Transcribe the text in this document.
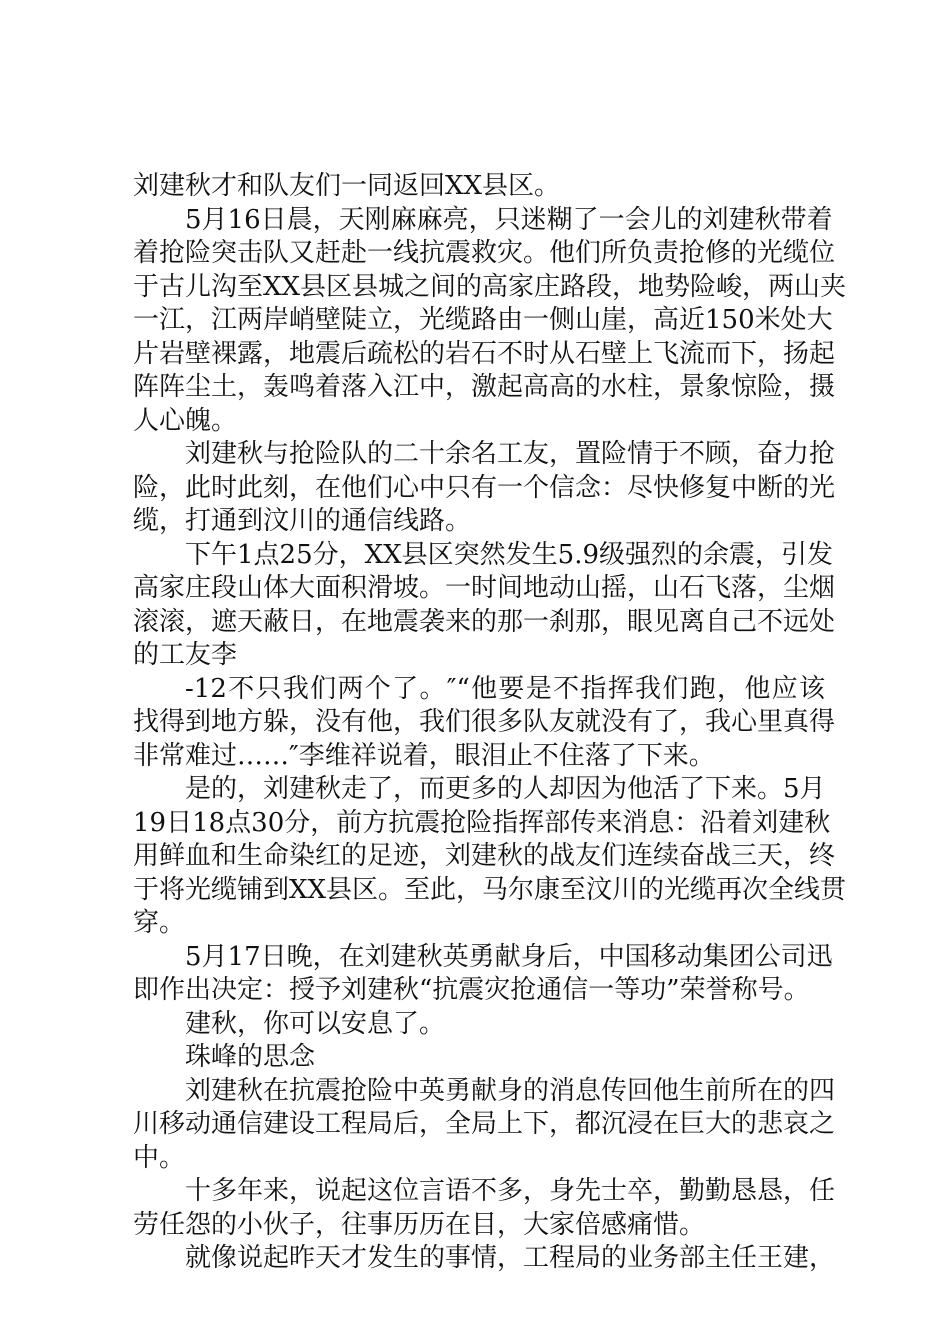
刘建秋才和队友们一同返回XX县区。
5月16日晨，天刚麻麻亮，只迷糊了一会儿的刘建秋带着
着抢险突击队又赶赴一线抗震救灾。他们所负责抢修的光缆位
于古儿沟至XX县区县城之间的高家庄路段，地势险峻，两山夹
一江，江两岸峭壁陡立，光缆路由一侧山崖，高近150米处大
片岩壁裸露，地震后疏松的岩石不时从石壁上飞流而下，扬起
阵阵尘土，轰鸣着落入江中，激起高高的水柱，景象惊险，摄
人心魄。
刘建秋与抢险队的二十余名工友，置险情于不顾，奋力抢
险，此时此刻，在他们心中只有一个信念：尽快修复中断的光
缆，打通到汶川的通信线路。
下午1点25分，XX县区突然发生5.9级强烈的余震，引发
高家庄段山体大面积滑坡。一时间地动山摇，山石飞落，尘烟
滚滚，遮天蔽日，在地震袭来的那一刹那，眼见离自己不远处
的工友李
-12不只我们两个了。″“他要是不指挥我们跑，他应该
找得到地方躲，没有他，我们很多队友就没有了，我心里真得
非常难过……″李维祥说着，眼泪止不住落了下来。
是的，刘建秋走了，而更多的人却因为他活了下来。5月
19日18点30分，前方抗震抢险指挥部传来消息：沿着刘建秋
用鲜血和生命染红的足迹，刘建秋的战友们连续奋战三天，终
于将光缆铺到XX县区。至此，马尔康至汶川的光缆再次全线贯
穿。
5月17日晚，在刘建秋英勇献身后，中国移动集团公司迅
即作出决定：授予刘建秋“抗震灾抢通信一等功”荣誉称号。
建秋，你可以安息了。
珠峰的思念
刘建秋在抗震抢险中英勇献身的消息传回他生前所在的四
川移动通信建设工程局后，全局上下，都沉浸在巨大的悲哀之
中。
十多年来，说起这位言语不多，身先士卒，勤勤恳恳，任
劳任怨的小伙子，往事历历在目，大家倍感痛惜。
就像说起昨天才发生的事情，工程局的业务部主任王建，
